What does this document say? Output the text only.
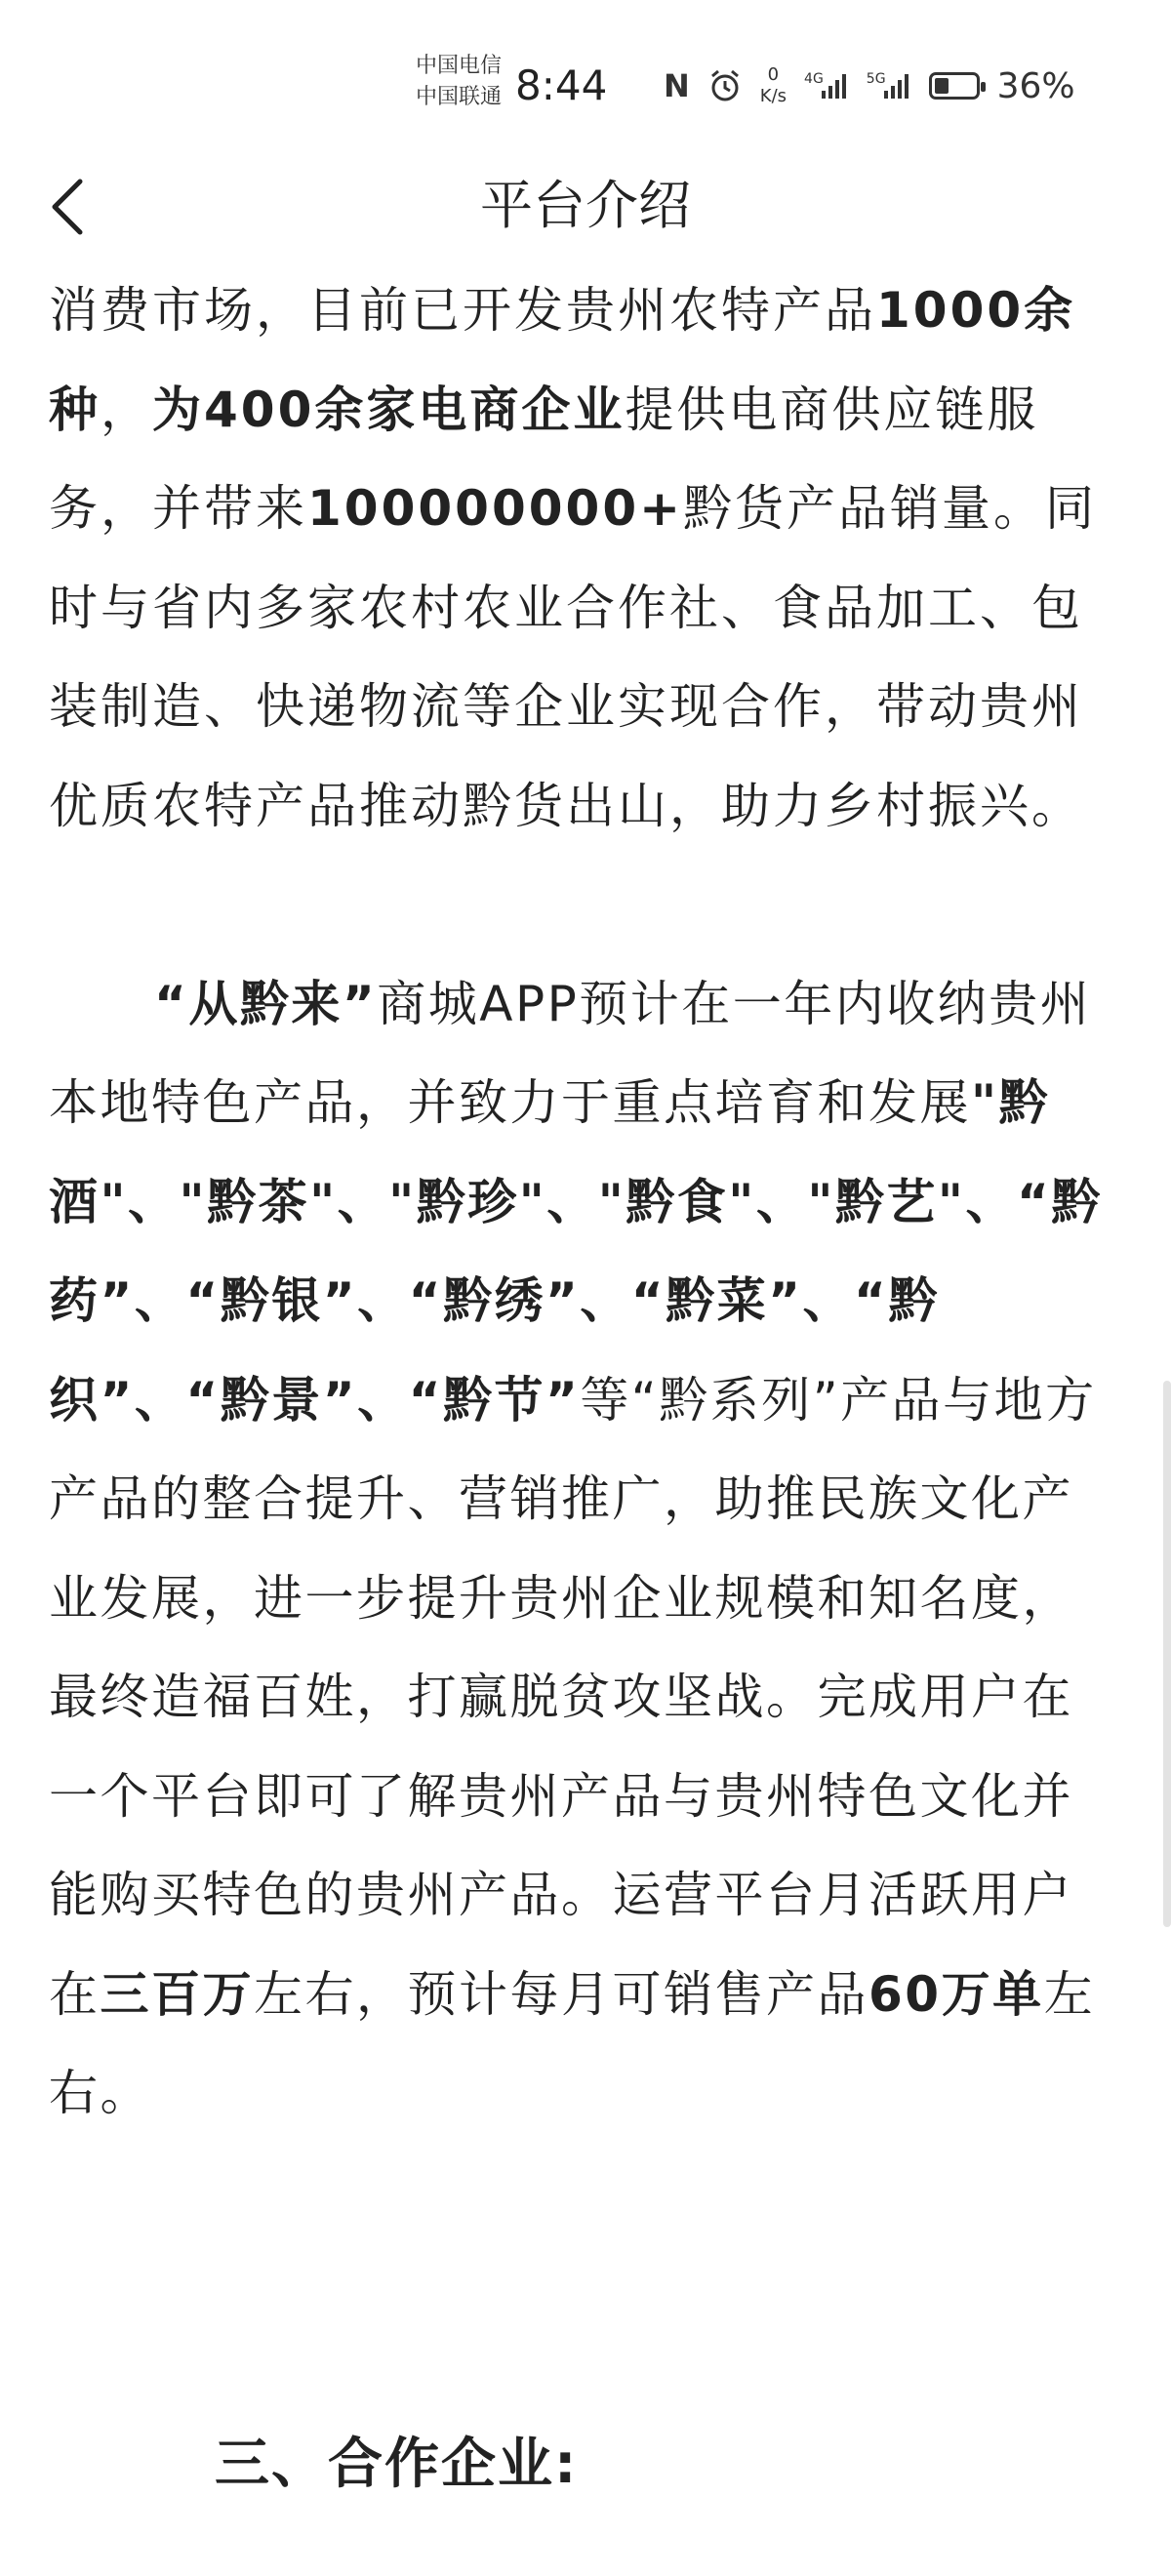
中国电信
中国联通 8:44 N	0
K/s
4G	5G	36%
平台介绍

消费市场，目前已开发贵州农特产品1000余种，为400余家电商企业提供电商供应链服务，并带来100000000+黔货产品销量。同时与省内多家农村农业合作社、食品加工、包装制造、快递物流等企业实现合作，带动贵州优质农特产品推动黔货出山，助力乡村振兴。

“从黔来”商城APP预计在一年内收纳贵州本地特色产品，并致力于重点培育和发展"黔酒"、"黔茶"、"黔珍"、"黔食"、"黔艺"、“黔药”、“黔银”、“黔绣”、“黔菜”、“黔织”、“黔景”、“黔节”等“黔系列”产品与地方产品的整合提升、营销推广，助推民族文化产业发展，进一步提升贵州企业规模和知名度，最终造福百姓，打赢脱贫攻坚战。完成用户在一个平台即可了解贵州产品与贵州特色文化并能购买特色的贵州产品。运营平台月活跃用户在三百万左右，预计每月可销售产品60万单左右。

三、合作企业:
